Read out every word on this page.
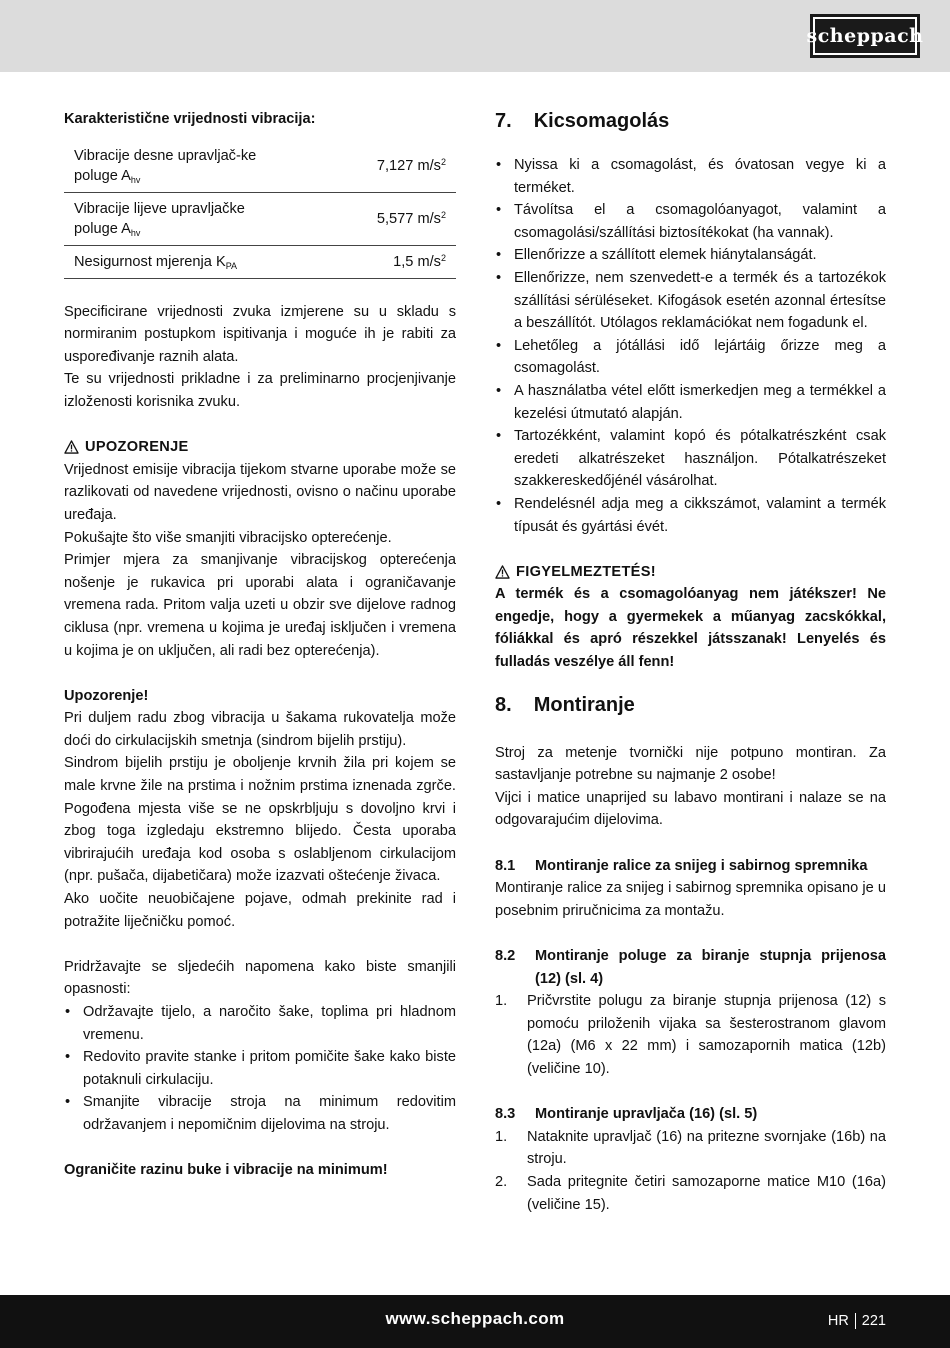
scheppach

Karakteristične vrijednosti vibracija:

Vibracije desne upravljač-ke poluge $A_{hv}$	7,127 $m/s^2$
Vibracije lijeve upravljačke poluge $A_{hv}$	5,577 $m/s^2$
Nesigurnost mjerenja $K_{PA}$	1,5 $m/s^2$

Specificirane vrijednosti zvuka izmjerene su u skladu s normiranim postupkom ispitivanja i moguće ih je rabiti za uspoređivanje raznih alata.

Te su vrijednosti prikladne i za preliminarno procjenjivanje izloženosti korisnika zvuku.

UPOZORENJE

Vrijednost emisije vibracija tijekom stvarne uporabe može se razlikovati od navedene vrijednosti, ovisno o načinu uporabe uređaja.

Pokušajte što više smanjiti vibracijsko opterećenje.

Primjer mjera za smanjivanje vibracijskog opterećenja nošenje je rukavica pri uporabi alata i ograničavanje vremena rada. Pritom valja uzeti u obzir sve dijelove radnog ciklusa (npr. vremena u kojima je uređaj isključen i vremena u kojima je on uključen, ali radi bez opterećenja).

Upozorenje!

Pri duljem radu zbog vibracija u šakama rukovatelja može doći do cirkulacijskih smetnja (sindrom bijelih prstiju).

Sindrom bijelih prstiju je oboljenje krvnih žila pri kojem se male krvne žile na prstima i nožnim prstima iznenada zgrče. Pogođena mjesta više se ne opskrbljuju s dovoljno krvi i zbog toga izgledaju ekstremno blijedo. Česta uporaba vibrirajućih uređaja kod osoba s oslabljenom cirkulacijom (npr. pušača, dijabetičara) može izazvati oštećenje živaca.

Ako uočite neuobičajene pojave, odmah prekinite rad i potražite liječničku pomoć.

Pridržavajte se sljedećih napomena kako biste smanjili opasnosti:

• Održavajte tijelo, a naročito šake, toplima pri hladnom vremenu.
• Redovito pravite stanke i pritom pomičite šake kako biste potaknuli cirkulaciju.
• Smanjite vibracije stroja na minimum redovitim održavanjem i nepomičnim dijelovima na stroju.

Ograničite razinu buke i vibracije na minimum!

7. Kicsomagolás
• Nyissa ki a csomagolást, és óvatosan vegye ki a terméket.
• Távolítsa el a csomagolóanyagot, valamint a csomagolási/szállítási biztosítékokat (ha vannak).
• Ellenőrizze a szállított elemek hiánytalanságát.
• Ellenőrizze, nem szenvedett-e a termék és a tartozékok szállítási sérüléseket. Kifogások esetén azonnal értesítse a beszállítót. Utólagos reklamációkat nem fogadunk el.
• Lehetőleg a jótállási idő lejártáig őrizze meg a csomagolást.
• A használatba vétel előtt ismerkedjen meg a termékkel a kezelési útmutató alapján.
• Tartozékként, valamint kopó és pótalkatrészként csak eredeti alkatrészeket használjon. Pótalkatrészeket szakkereskedőjénél vásárolhat.
• Rendelésnél adja meg a cikkszámot, valamint a termék típusát és gyártási évét.
FIGYELMEZTETÉS!

A termék és a csomagolóanyag nem játékszer! Ne engedje, hogy a gyermekek a műanyag zacskókkal, fóliákkal és apró részekkel játsszanak! Lenyelés és fulladás veszélye áll fenn!

8. Montiranje

Stroj za metenje tvornički nije potpuno montiran. Za sastavljanje potrebne su najmanje 2 osobe!

Vijci i matice unaprijed su labavo montirani i nalaze se na odgovarajućim dijelovima.

8.1 Montiranje ralice za snijeg i sabirnog spremnika

Montiranje ralice za snijeg i sabirnog spremnika opisano je u posebnim priručnicima za montažu.

8.2 Montiranje poluge za biranje stupnja prijenosa (12) (sl. 4)
1. Pričvrstite polugu za biranje stupnja prijenosa (12) s pomoću priloženih vijaka sa šesterostranom glavom (12a) (M6 x 22 mm) i samozapornih matica (12b) (veličine 10).
8.3 Montiranje upravljača (16) (sl. 5)
1. Nataknite upravljač (16) na pritezne svornjake (16b) na stroju.
2. Sada pritegnite četiri samozaporne matice M10 (16a) (veličine 15).
www.scheppach.com	HR 221
